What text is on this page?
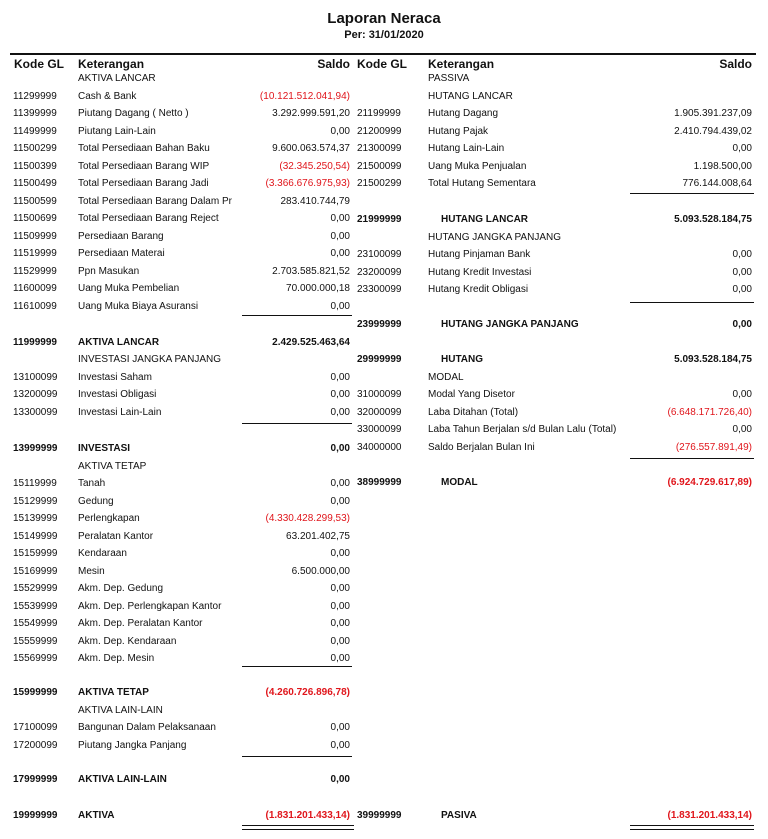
Laporan Neraca
Per: 31/01/2020
Kode GL Keterangan	Saldo Kode GL Keterangan	Saldo
AKTIVA LANCAR
11299999 Cash & Bank	(10.121.512.041,94)
11399999 Piutang Dagang ( Netto )	3.292.999.591,20
11499999 Piutang Lain-Lain	0,00
11500299 Total Persediaan Bahan Baku	9.600.063.574,37
11500399 Total Persediaan Barang WIP	(32.345.250,54)
11500499 Total Persediaan Barang Jadi	(3.366.676.975,93)
11500599 Total Persediaan Barang Dalam Pr	283.410.744,79
11500699 Total Persediaan Barang Reject	0,00
11509999 Persediaan Barang	0,00
11519999 Persediaan Materai	0,00
11529999 Ppn Masukan	2.703.585.821,52
11600099 Uang Muka Pembelian	70.000.000,18
11610099 Uang Muka Biaya Asuransi	0,00
11999999 AKTIVA LANCAR	2.429.525.463,64
INVESTASI JANGKA PANJANG
13100099 Investasi Saham	0,00
13200099 Investasi Obligasi	0,00
13300099 Investasi Lain-Lain	0,00
13999999 INVESTASI	0,00
AKTIVA TETAP
15119999 Tanah	0,00
15129999 Gedung	0,00
15139999 Perlengkapan	(4.330.428.299,53)
15149999 Peralatan Kantor	63.201.402,75
15159999 Kendaraan	0,00
15169999 Mesin	6.500.000,00
15529999 Akm. Dep. Gedung	0,00
15539999 Akm. Dep. Perlengkapan Kantor	0,00
15549999 Akm. Dep. Peralatan Kantor	0,00
15559999 Akm. Dep. Kendaraan	0,00
15569999 Akm. Dep. Mesin	0,00
15999999 AKTIVA TETAP	(4.260.726.896,78)
AKTIVA LAIN-LAIN
17100099 Bangunan Dalam Pelaksanaan	0,00
17200099 Piutang Jangka Panjang	0,00
17999999 AKTIVA LAIN-LAIN	0,00
19999999 AKTIVA	(1.831.201.433,14)
PASSIVA
HUTANG LANCAR
21199999	Hutang Dagang	1.905.391.237,09
21200999	Hutang Pajak	2.410.794.439,02
21300099	Hutang Lain-Lain	0,00
21500099	Uang Muka Penjualan	1.198.500,00
21500299	Total Hutang Sementara	776.144.008,64
21999999	HUTANG LANCAR	5.093.528.184,75
HUTANG JANGKA PANJANG
23100099	Hutang Pinjaman Bank	0,00
23200099	Hutang Kredit Investasi	0,00
23300099	Hutang Kredit Obligasi	0,00
23999999	HUTANG JANGKA PANJANG	0,00
29999999	HUTANG	5.093.528.184,75
MODAL
31000099	Modal Yang Disetor	0,00
32000099	Laba Ditahan (Total)	(6.648.171.726,40)
33000099	Laba Tahun Berjalan s/d Bulan Lalu (Total)	0,00
34000000	Saldo Berjalan Bulan Ini	(276.557.891,49)
38999999	MODAL	(6.924.729.617,89)
39999999	PASIVA	(1.831.201.433,14)
